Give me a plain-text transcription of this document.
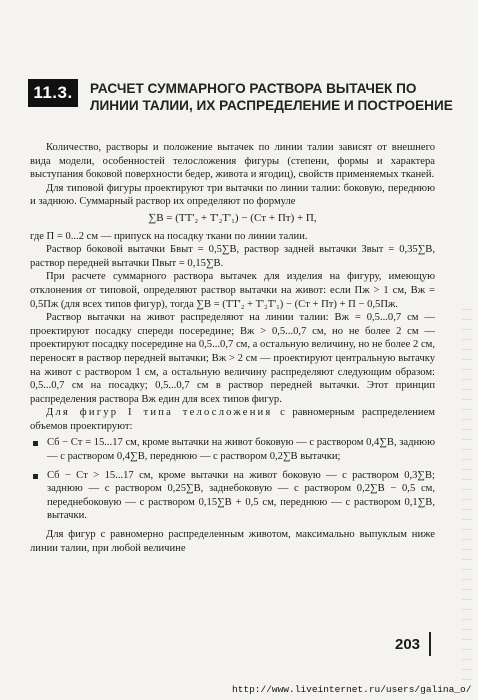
11.3.	РАСЧЕТ СУММАРНОГО РАСТВОРА ВЫТАЧЕК ПО ЛИНИИ ТАЛИИ, ИХ РАСПРЕДЕЛЕНИЕ И ПОСТРОЕНИЕ

Количество, растворы и положение вытачек по линии талии зависят от внешнего вида модели, особенностей телосложения фигуры (степени, формы и характера выступания боковой поверхности бедер, живота и ягодиц), свойств применяемых тканей.

Для типовой фигуры проектируют три вытачки по линии талии: боковую, переднюю и заднюю. Суммарный раствор их определяют по формуле

∑В = (ТТ'₂ + Т'₂Т'₁) − (Cт + Пт) + П,

где П = 0...2 см — припуск на посадку ткани по линии талии.

Раствор боковой вытачки Бвыт = 0,5∑В, раствор задней вытачки Звыт = 0,35∑В, раствор передней вытачки Пвыт = 0,15∑В.

При расчете суммарного раствора вытачек для изделия на фигуру, имеющую отклонения от типовой, определяют раствор вытачки на живот: если Пж > 1 см, Вж = 0,5Пж (для всех типов фигур), тогда ∑В = (ТТ'₂ + Т'₂Т'₁) − (Cт + Пт) + П − 0,5Пж.

Раствор вытачки на живот распределяют на линии талии: Вж = 0,5...0,7 см — проектируют посадку спереди посередине; Вж > 0,5...0,7 см, но не более 2 см — проектируют посадку посередине на 0,5...0,7 см, а остальную величину, но не более 2 см, переносят в раствор передней вытачки; Вж > 2 см — проектируют центральную вытачку на живот с раствором 1 см, а остальную величину распределяют следующим образом: 0,5...0,7 см на посадку; 0,5...0,7 см в раствор передней вытачки. Этот принцип распределения раствора Вж един для всех типов фигур.

Для фигур I типа телосложения с равномерным распределением объемов проектируют:

Cб − Cт = 15...17 см, кроме вытачки на живот боковую — с раствором 0,4∑В, заднюю — с раствором 0,4∑В, переднюю — с раствором 0,2∑В вытачки;
Cб − Cт > 15...17 см, кроме вытачки на живот боковую — с раствором 0,3∑В; заднюю — с раствором 0,25∑В, заднебоковую — с раствором 0,2∑В − 0,5 см, переднебоковую — с раствором 0,15∑В + 0,5 см, переднюю — с раствором 0,1∑В, вытачки.

Для фигур с равномерно распределенным животом, максимально выпуклым ниже линии талии, при любой величине

203
http://www.liveinternet.ru/users/galina_o/
